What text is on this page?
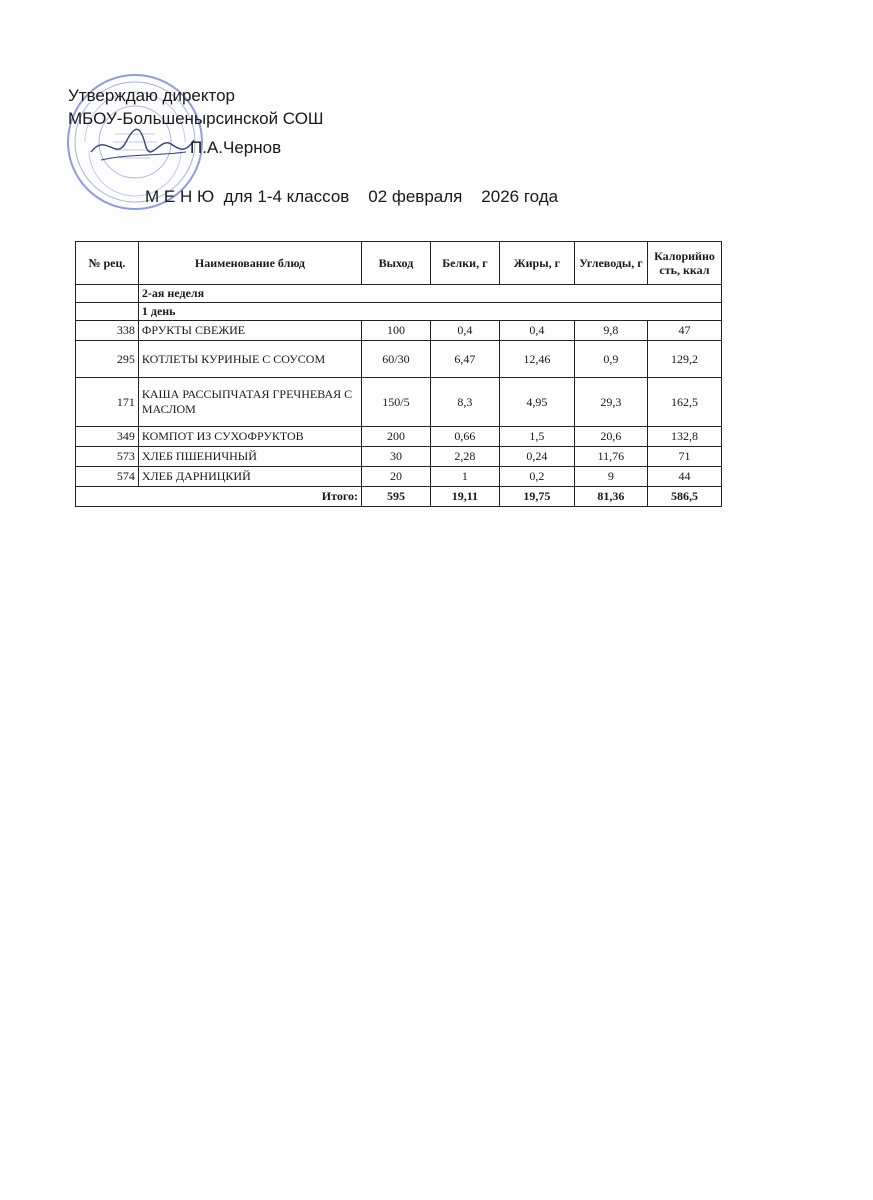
Утверждаю директор
МБОУ-Большенырсинской СОШ
П.А.Чернов
М Е Н Ю для 1-4 классов 02 февраля 2026 года
№ рец.	Наименование блюд	Выход	Белки, г	Жиры, г	Углеводы, г	Калорийно сть, ккал
	2-ая неделя					
	1 день					
338	ФРУКТЫ СВЕЖИЕ	100	0,4	0,4	9,8	47
295	КОТЛЕТЫ КУРИНЫЕ С СОУСОМ	60/30	6,47	12,46	0,9	129,2
171	КАША РАССЫПЧАТАЯ ГРЕЧНЕВАЯ С МАСЛОМ	150/5	8,3	4,95	29,3	162,5
349	КОМПОТ ИЗ СУХОФРУКТОВ	200	0,66	1,5	20,6	132,8
573	ХЛЕБ ПШЕНИЧНЫЙ	30	2,28	0,24	11,76	71
574	ХЛЕБ ДАРНИЦКИЙ	20	1	0,2	9	44
Итого:		595	19,11	19,75	81,36	586,5
